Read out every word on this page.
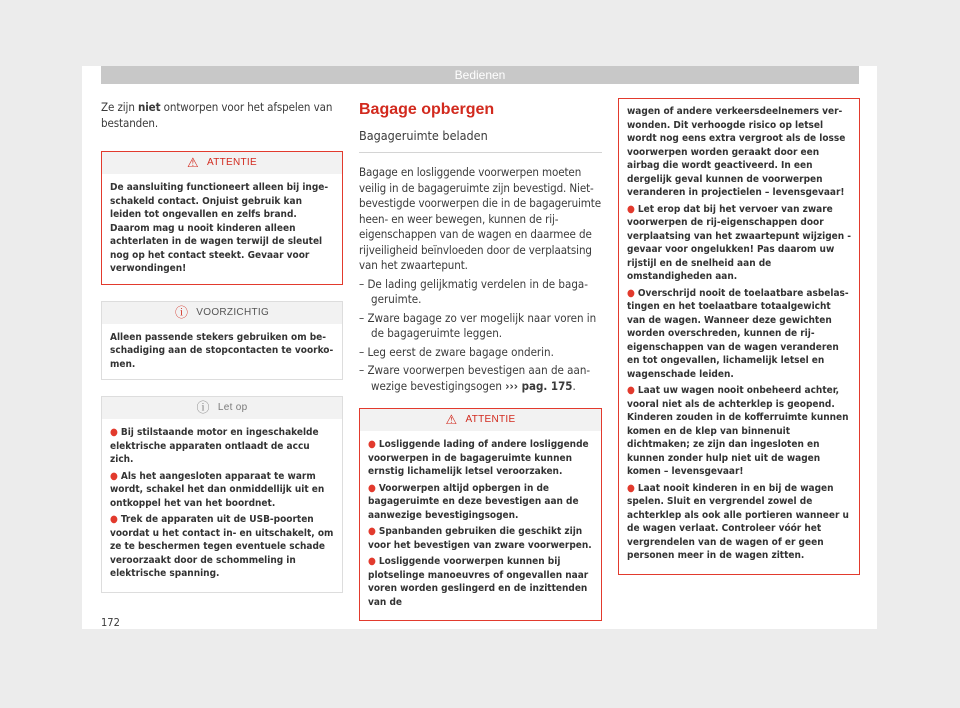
Bedienen

Ze zijn niet ontworpen voor het afspelen van bestanden.

⚠ ATTENTIE

De aansluiting functioneert alleen bij ingeschakeld contact. Onjuist gebruik kan leiden tot ongevallen en zelfs brand. Daarom mag u nooit kinderen alleen achterlaten in de wagen terwijl de sleutel nog op het contact steekt. Gevaar voor verwondingen!

ⓘ VOORZICHTIG

Alleen passende stekers gebruiken om beschadiging aan de stopcontacten te voorkomen.

ⓘ Let op
● Bij stilstaande motor en ingeschakelde elektrische apparaten ontlaadt de accu zich.
● Als het aangesloten apparaat te warm wordt, schakel het dan onmiddellijk uit en ontkoppel het van het boordnet.
● Trek de apparaten uit de USB-poorten voordat u het contact in- en uitschakelt, om ze te beschermen tegen eventuele schade veroorzaakt door de schommeling in elektrische spanning.
Bagage opbergen
Bagageruimte beladen

Bagage en losliggende voorwerpen moeten veilig in de bagageruimte zijn bevestigd. Niet-bevestigde voorwerpen die in de bagageruimte heen- en weer bewegen, kunnen de rij-eigenschappen van de wagen en daarmee de rijveiligheid beïnvloeden door de verplaatsing van het zwaartepunt.

– De lading gelijkmatig verdelen in de bagageruimte.
– Zware bagage zo ver mogelijk naar voren in de bagageruimte leggen.
– Leg eerst de zware bagage onderin.
– Zware voorwerpen bevestigen aan de aanwezige bevestigingsogen ››› pag. 175.
⚠ ATTENTIE
● Losliggende lading of andere losliggende voorwerpen in de bagageruimte kunnen ernstig lichamelijk letsel veroorzaken.
● Voorwerpen altijd opbergen in de bagageruimte en deze bevestigen aan de aanwezige bevestigingsogen.
● Spanbanden gebruiken die geschikt zijn voor het bevestigen van zware voorwerpen.
● Losliggende voorwerpen kunnen bij plotselinge manoeuvres of ongevallen naar voren worden geslingerd en de inzittenden van de
wagen of andere verkeersdeelnemers verwonden. Dit verhoogde risico op letsel wordt nog eens extra vergroot als de losse voorwerpen worden geraakt door een airbag die wordt geactiveerd. In een dergelijk geval kunnen de voorwerpen veranderen in projectielen – levensgevaar!
● Let erop dat bij het vervoer van zware voorwerpen de rij-eigenschappen door verplaatsing van het zwaartepunt wijzigen - gevaar voor ongelukken! Pas daarom uw rijstijl en de snelheid aan de omstandigheden aan.
● Overschrijd nooit de toelaatbare asbelastingen en het toelaatbare totaalgewicht van de wagen. Wanneer deze gewichten worden overschreden, kunnen de rij-eigenschappen van de wagen veranderen en tot ongevallen, lichamelijk letsel en wagenschade leiden.
● Laat uw wagen nooit onbeheerd achter, vooral niet als de achterklep is geopend. Kinderen zouden in de kofferruimte kunnen komen en de klep van binnenuit dichtmaken; ze zijn dan ingesloten en kunnen zonder hulp niet uit de wagen komen – levensgevaar!
● Laat nooit kinderen in en bij de wagen spelen. Sluit en vergrendel zowel de achterklep als ook alle portieren wanneer u de wagen verlaat. Controleer vóór het vergrendelen van de wagen of er geen personen meer in de wagen zitten.
172
